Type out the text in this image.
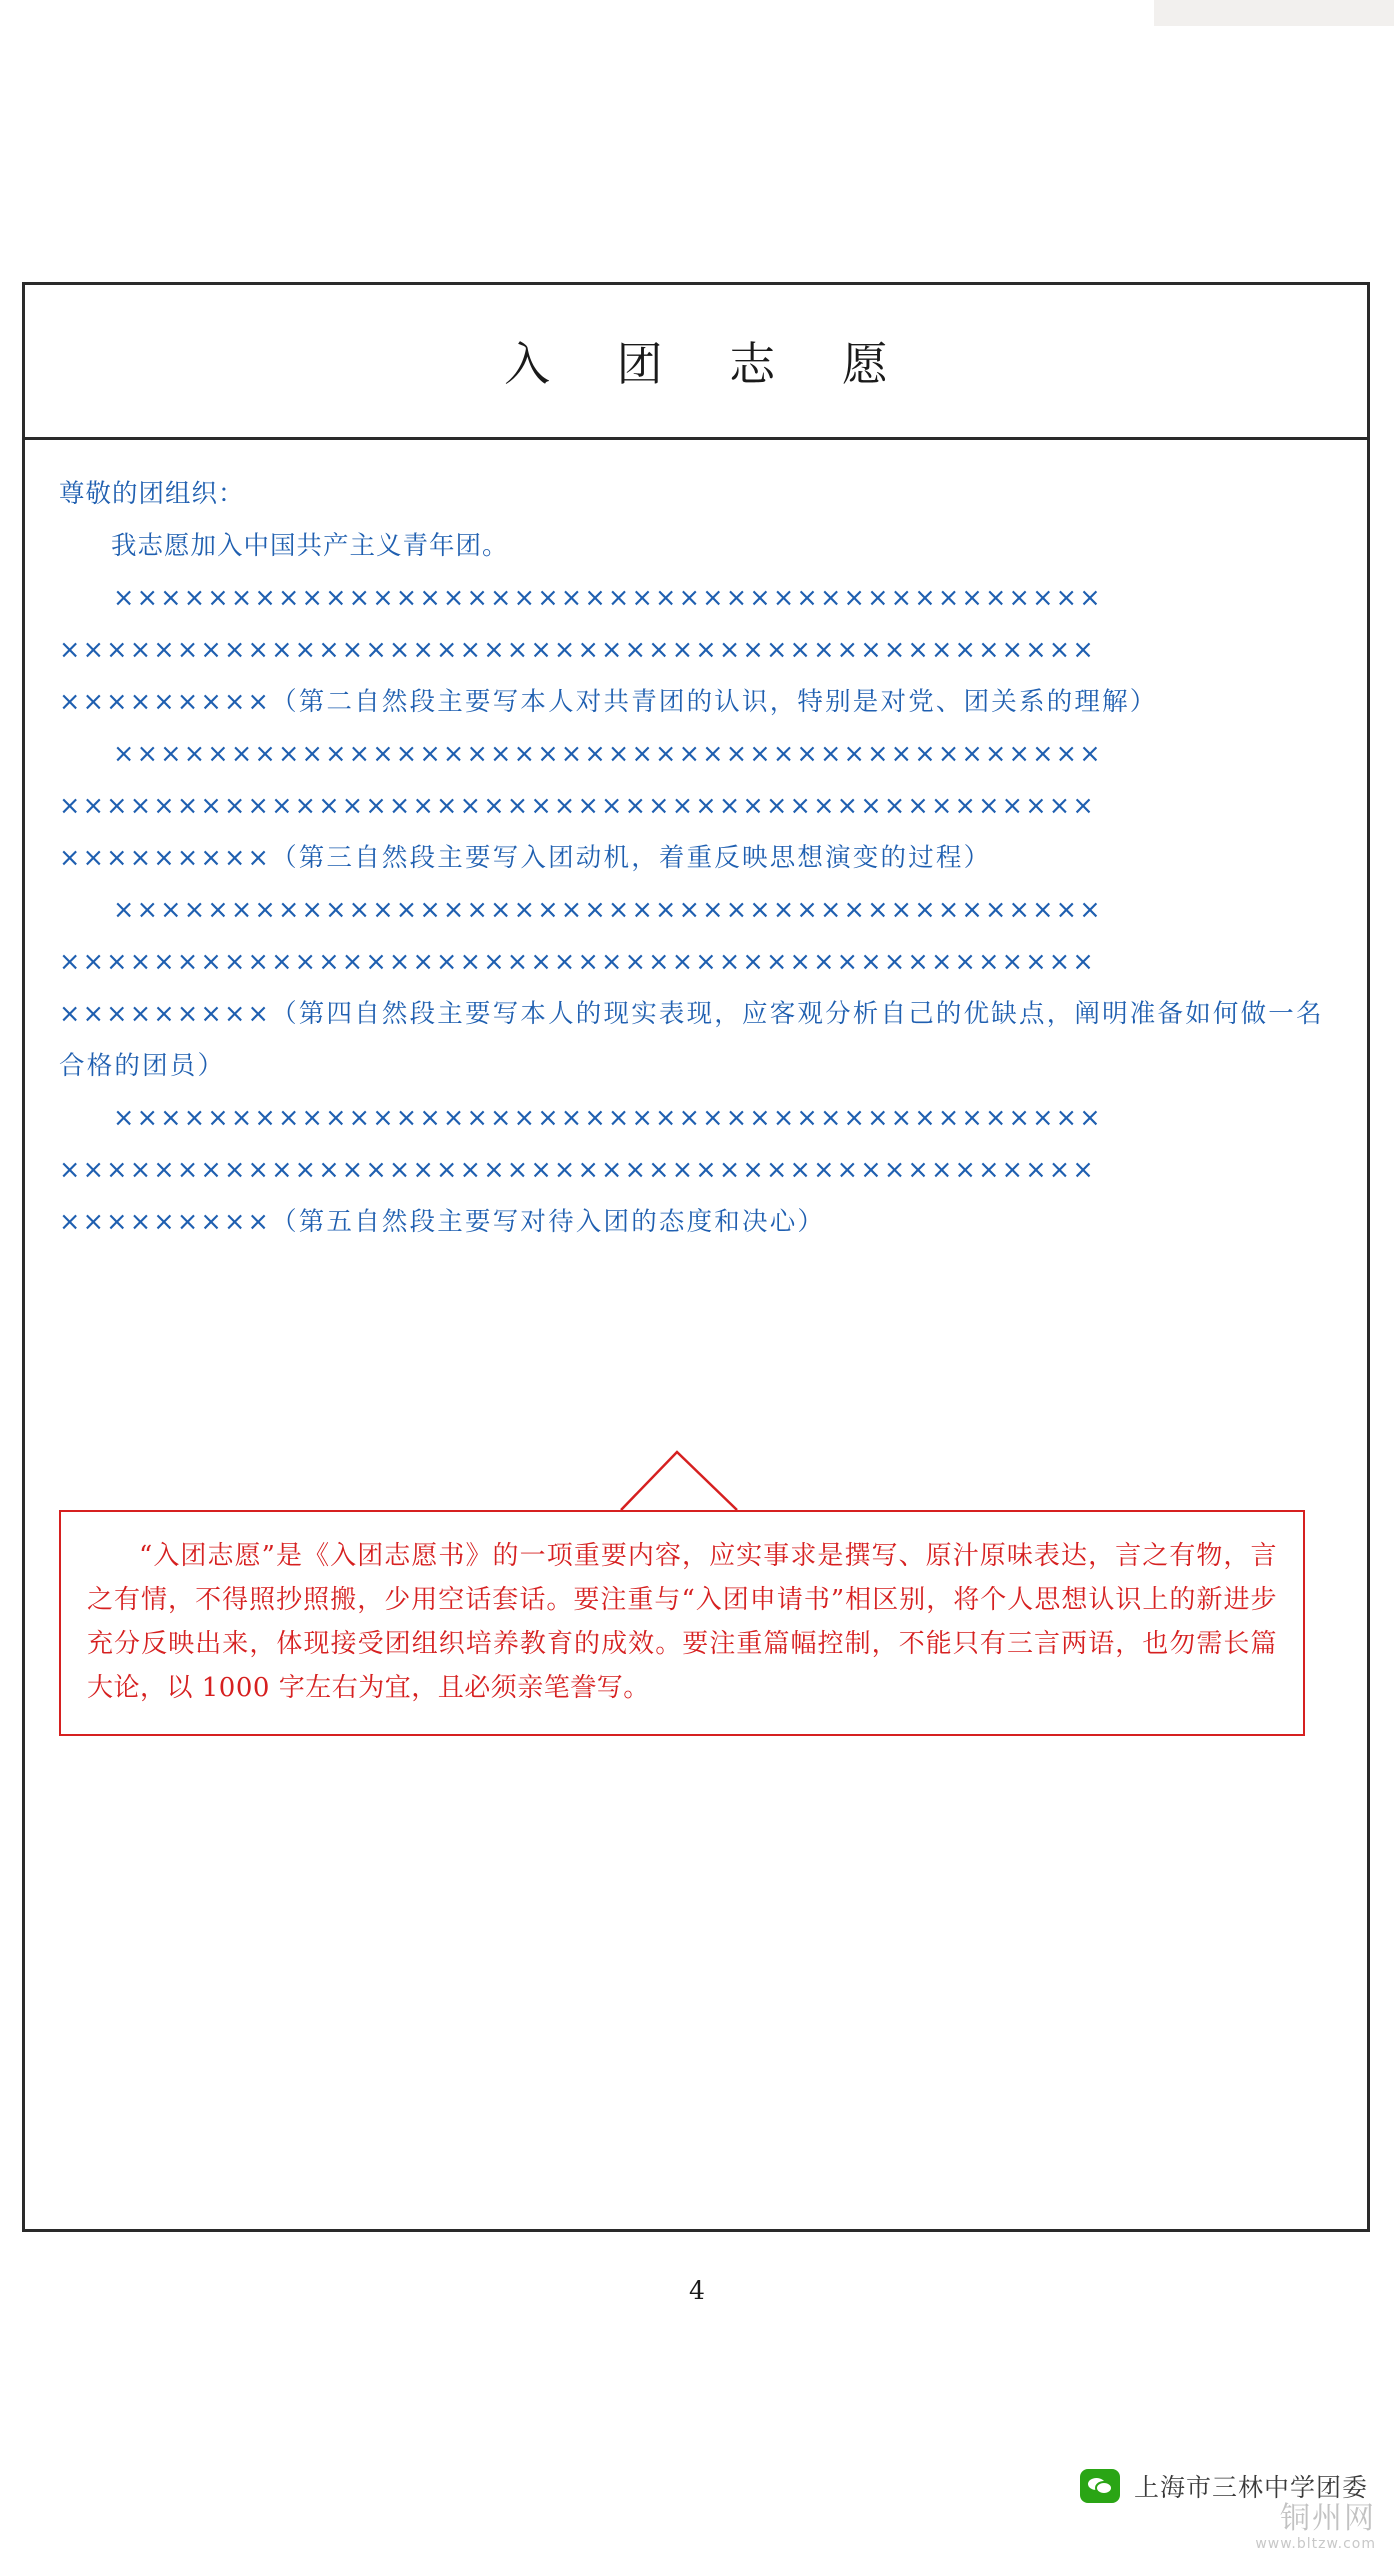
入 团 志 愿
尊敬的团组织：
我志愿加入中国共产主义青年团。
××××××××××××××××××××××××××××××××××××××××××
××××××××××××××××××××××××××××××××××××××××××××
×××××××××（第二自然段主要写本人对共青团的认识，特别是对党、团关系的理解）
××××××××××××××××××××××××××××××××××××××××××
××××××××××××××××××××××××××××××××××××××××××××
×××××××××（第三自然段主要写入团动机，着重反映思想演变的过程）
××××××××××××××××××××××××××××××××××××××××××
××××××××××××××××××××××××××××××××××××××××××××
×××××××××（第四自然段主要写本人的现实表现，应客观分析自己的优缺点，阐明准备如何做一名合格的团员）
××××××××××××××××××××××××××××××××××××××××××
××××××××××××××××××××××××××××××××××××××××××××
×××××××××（第五自然段主要写对待入团的态度和决心）
“入团志愿”是《入团志愿书》的一项重要内容，应实事求是撰写、原汁原味表达，言之有物，言之有情，不得照抄照搬，少用空话套话。要注重与“入团申请书”相区别，将个人思想认识上的新进步充分反映出来，体现接受团组织培养教育的成效。要注重篇幅控制，不能只有三言两语，也勿需长篇大论，以 1000 字左右为宜，且必须亲笔誊写。
4
上海市三林中学团委
铜州网
www.bltzw.com
